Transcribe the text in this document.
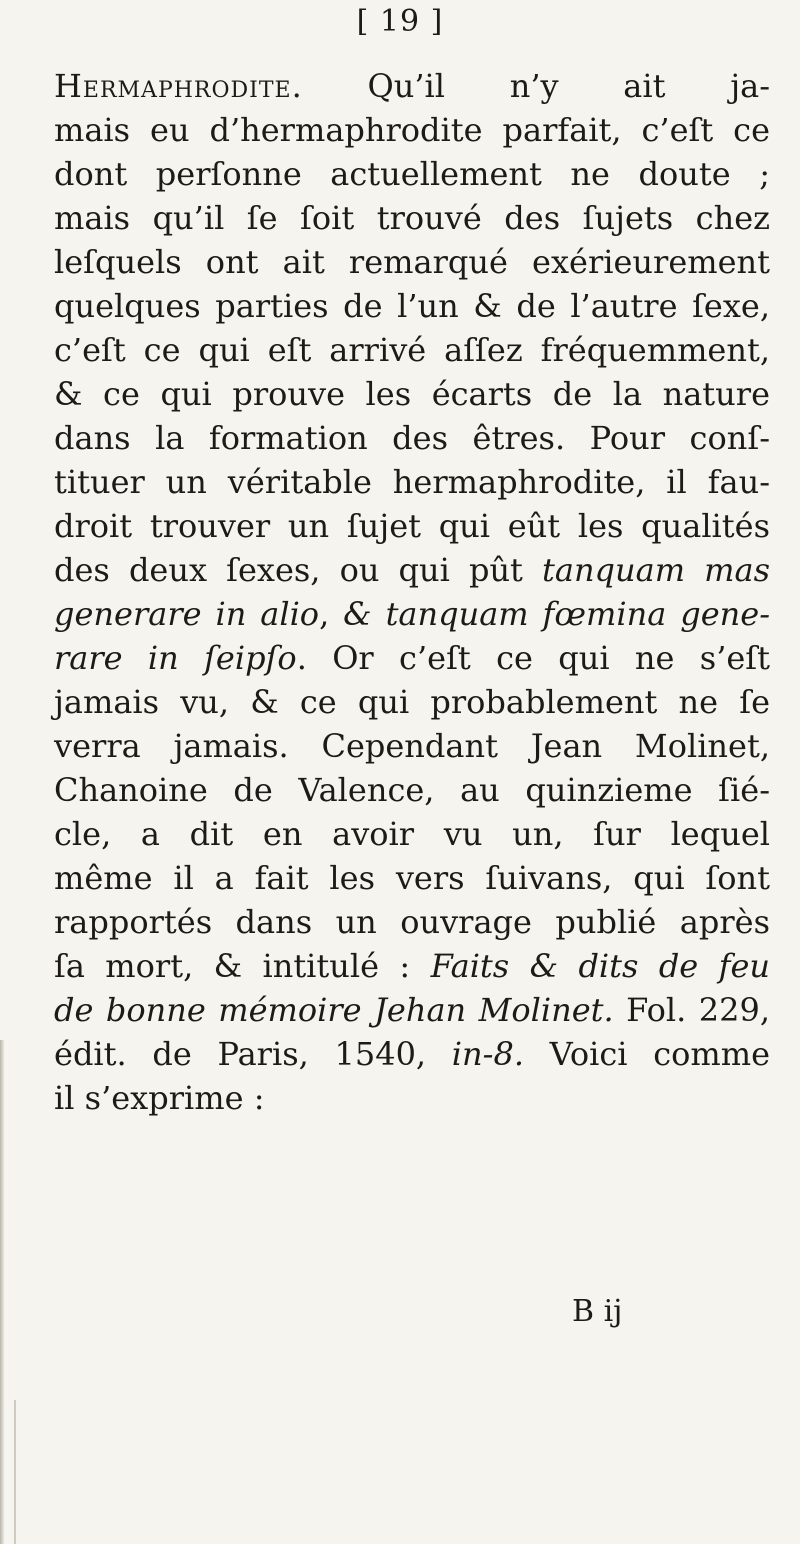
[ 19 ]
Hermaphrodite. Qu’il n’y ait ja-
mais eu d’hermaphrodite parfait, c’eſt ce
dont perſonne actuellement ne doute ;
mais qu’il ſe ſoit trouvé des ſujets chez
leſquels ont ait remarqué exérieurement
quelques parties de l’un & de l’autre ſexe,
c’eſt ce qui eſt arrivé aſſez fréquemment,
& ce qui prouve les écarts de la nature
dans la formation des êtres. Pour conſ-
tituer un véritable hermaphrodite, il fau-
droit trouver un ſujet qui eût les qualités
des deux ſexes, ou qui pût tanquam mas
generare in alio, & tanquam fœmina gene-
rare in ſeipſo. Or c’eſt ce qui ne s’eſt
jamais vu, & ce qui probablement ne ſe
verra jamais. Cependant Jean Molinet,
Chanoine de Valence, au quinzieme ſié-
cle, a dit en avoir vu un, ſur lequel
même il a fait les vers ſuivans, qui ſont
rapportés dans un ouvrage publié après
ſa mort, & intitulé : Faits & dits de feu
de bonne mémoire Jehan Molinet. Fol. 229,
édit. de Paris, 1540, in-8. Voici comme
il s’exprime :
B ij
